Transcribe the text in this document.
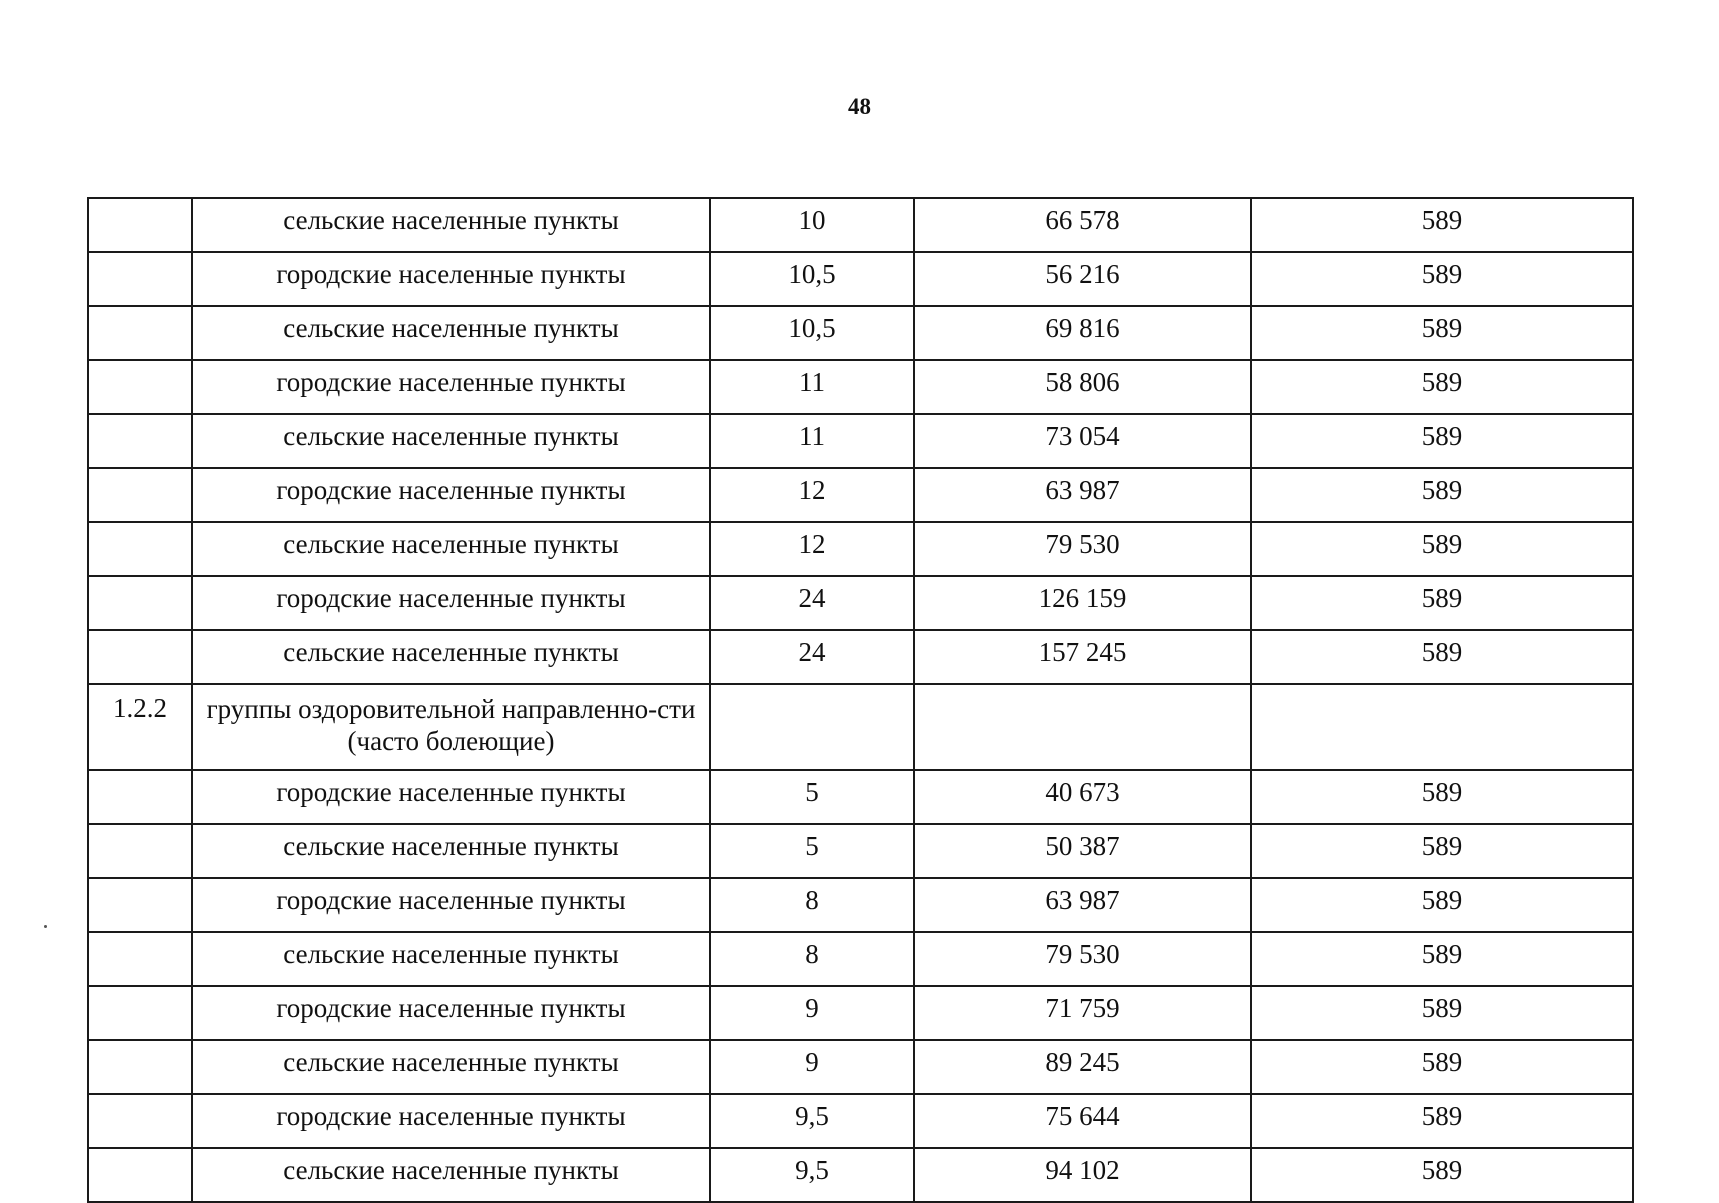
48
	сельские населенные пункты	10	66 578	589
	городские населенные пункты	10,5	56 216	589
	сельские населенные пункты	10,5	69 816	589
	городские населенные пункты	11	58 806	589
	сельские населенные пункты	11	73 054	589
	городские населенные пункты	12	63 987	589
	сельские населенные пункты	12	79 530	589
	городские населенные пункты	24	126 159	589
	сельские населенные пункты	24	157 245	589
1.2.2	группы оздоровительной направленно-сти (часто болеющие)			
	городские населенные пункты	5	40 673	589
	сельские населенные пункты	5	50 387	589
	городские населенные пункты	8	63 987	589
	сельские населенные пункты	8	79 530	589
	городские населенные пункты	9	71 759	589
	сельские населенные пункты	9	89 245	589
	городские населенные пункты	9,5	75 644	589
	сельские населенные пункты	9,5	94 102	589
